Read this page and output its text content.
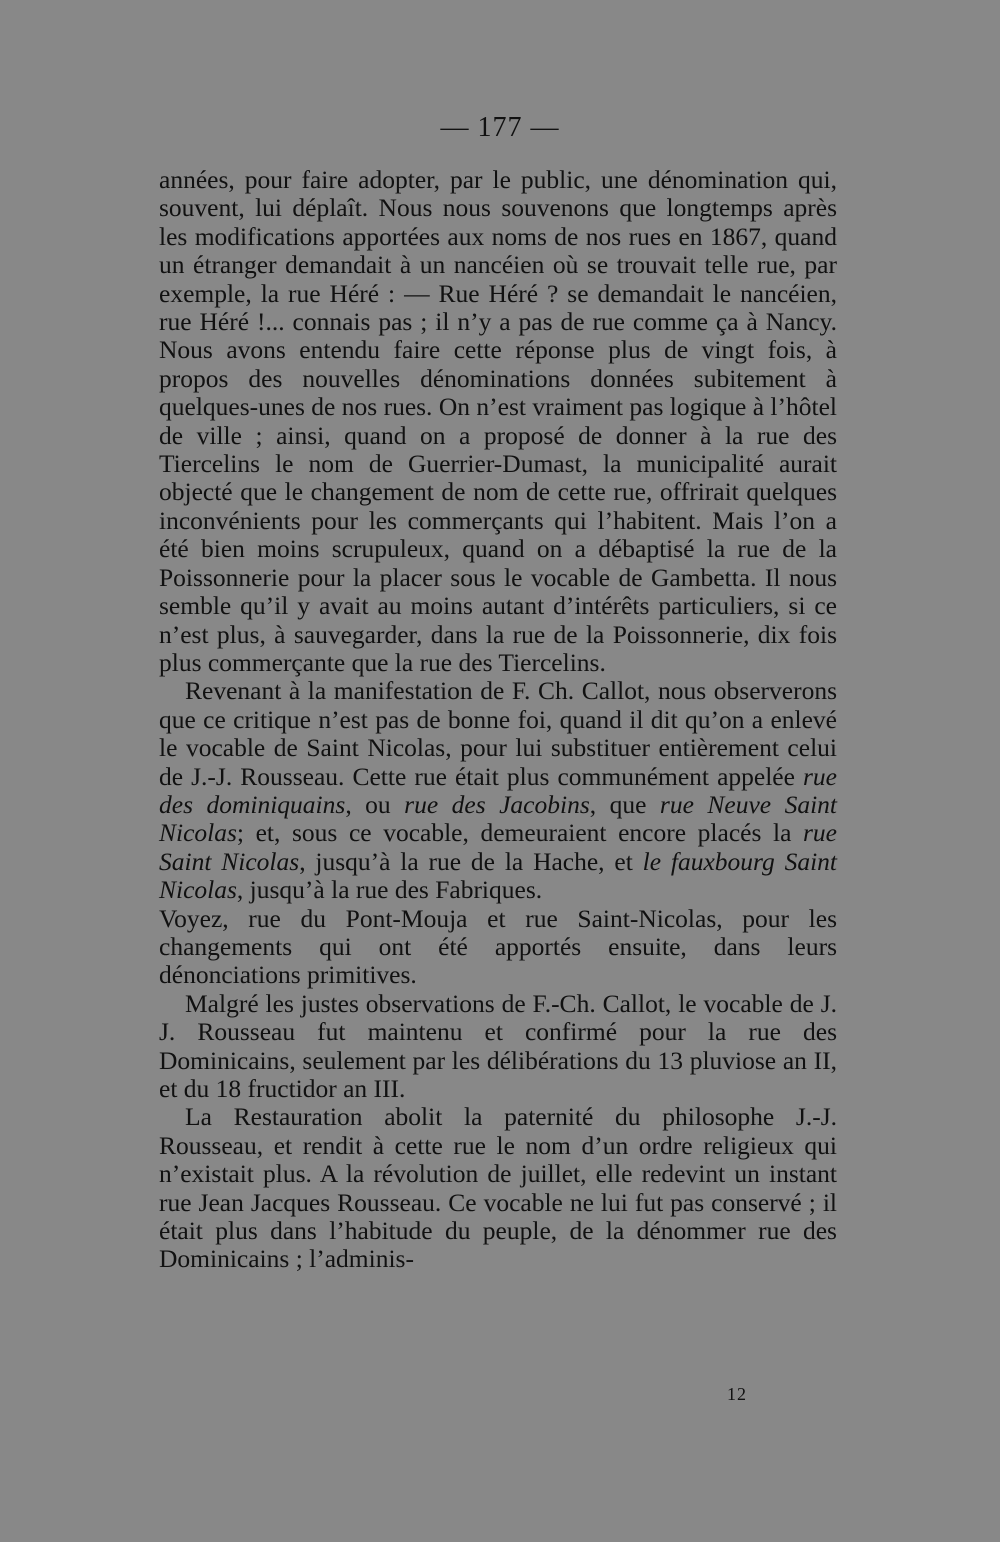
— 177 —

années, pour faire adopter, par le public, une dénomination qui, souvent, lui déplaît. Nous nous souvenons que longtemps après les modifications apportées aux noms de nos rues en 1867, quand un étranger demandait à un nancéien où se trouvait telle rue, par exemple, la rue Héré : — Rue Héré ? se demandait le nancéien, rue Héré !... connais pas ; il n’y a pas de rue comme ça à Nancy. Nous avons entendu faire cette réponse plus de vingt fois, à propos des nouvelles dénominations données subitement à quelques-unes de nos rues. On n’est vraiment pas logique à l’hôtel de ville ; ainsi, quand on a proposé de donner à la rue des Tiercelins le nom de Guerrier-Dumast, la municipalité aurait objecté que le changement de nom de cette rue, offrirait quelques inconvénients pour les commerçants qui l’habitent. Mais l’on a été bien moins scrupuleux, quand on a débaptisé la rue de la Poissonnerie pour la placer sous le vocable de Gambetta. Il nous semble qu’il y avait au moins autant d’intérêts particuliers, si ce n’est plus, à sauvegarder, dans la rue de la Poissonnerie, dix fois plus commerçante que la rue des Tiercelins.

Revenant à la manifestation de F. Ch. Callot, nous observerons que ce critique n’est pas de bonne foi, quand il dit qu’on a enlevé le vocable de Saint Nicolas, pour lui substituer entièrement celui de J.-J. Rousseau. Cette rue était plus communément appelée rue des dominiquains, ou rue des Jacobins, que rue Neuve Saint Nicolas; et, sous ce vocable, demeuraient encore placés la rue Saint Nicolas, jusqu’à la rue de la Hache, et le fauxbourg Saint Nicolas, jusqu’à la rue des Fabriques.

Voyez, rue du Pont-Mouja et rue Saint-Nicolas, pour les changements qui ont été apportés ensuite, dans leurs dénonciations primitives.

Malgré les justes observations de F.-Ch. Callot, le vocable de J. J. Rousseau fut maintenu et confirmé pour la rue des Dominicains, seulement par les délibérations du 13 pluviose an II, et du 18 fructidor an III.

La Restauration abolit la paternité du philosophe J.-J. Rousseau, et rendit à cette rue le nom d’un ordre religieux qui n’existait plus. A la révolution de juillet, elle redevint un instant rue Jean Jacques Rousseau. Ce vocable ne lui fut pas conservé ; il était plus dans l’habitude du peuple, de la dénommer rue des Dominicains ; l’adminis-

12
